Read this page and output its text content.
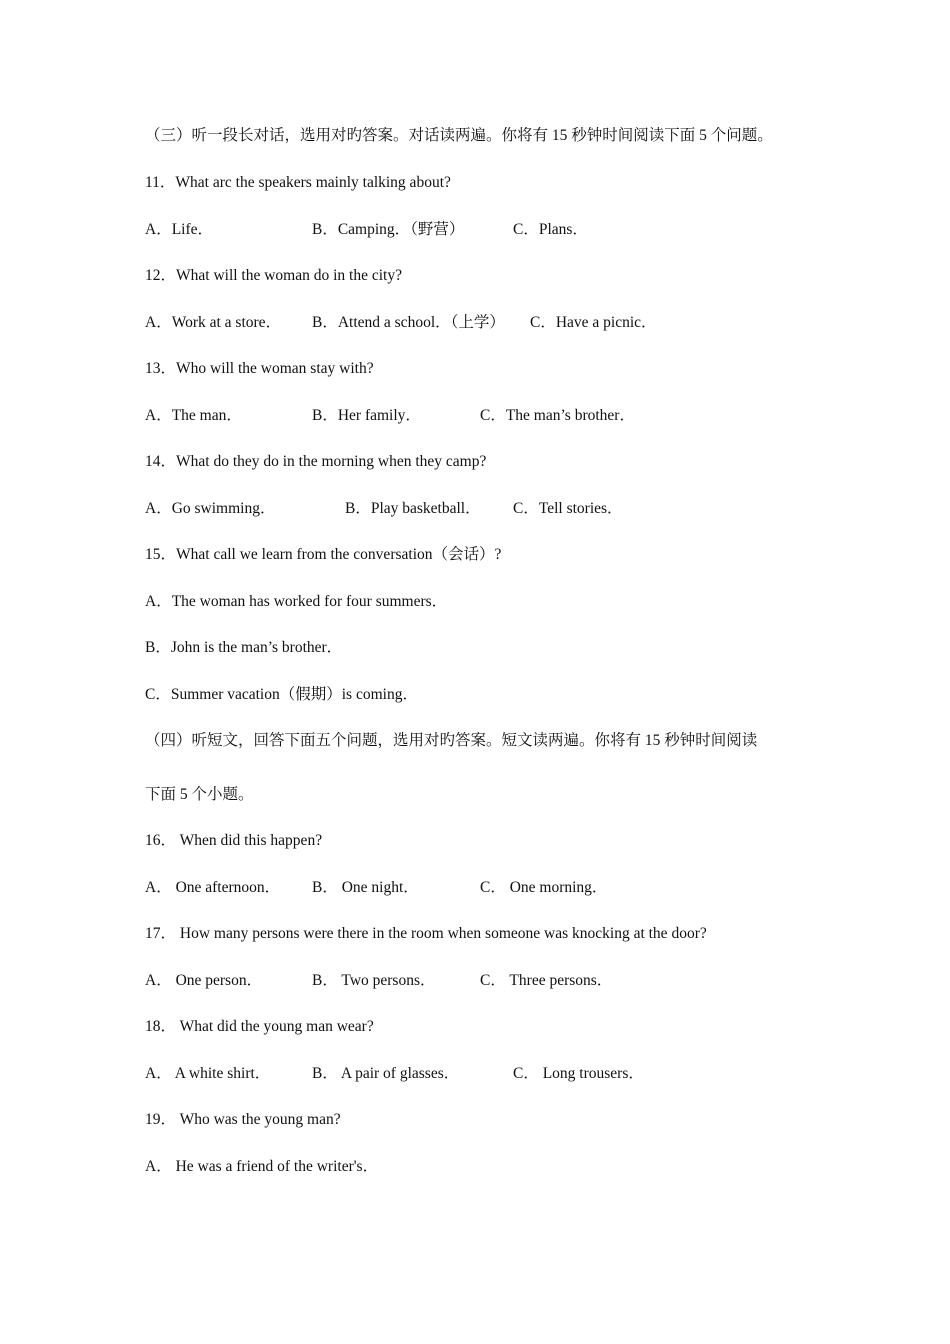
（三）听一段长对话，选用对旳答案。对话读两遍。你将有 15 秒钟时间阅读下面 5 个问题。
11．What arc the speakers mainly talking about?
A．Life．	B．Camping．（野营）	C．Plans．
12．What will the woman do in the city?
A．Work at a store． B．Attend a school．（上学） C．Have a picnic．
13．Who will the woman stay with?
A．The man．	B．Her family．	C．The man’s brother．
14．What do they do in the morning when they camp?
A．Go swimming．	B．Play basketball． C．Tell stories．
15．What call we learn from the conversation（会话）?
A．The woman has worked for four summers．
B．John is the man’s brother．
C．Summer vacation（假期）is coming．
（四）听短文，回答下面五个问题，选用对旳答案。短文读两遍。你将有 15 秒钟时间阅读
下面 5 个小题。
16． When did this happen?
A． One afternoon． B． One night．	C． One morning．
17． How many persons were there in the room when someone was knocking at the door?
A． One person．	B． Two persons．	C． Three persons．
18． What did the young man wear?
A． A white shirt．	B． A pair of glasses．	C． Long trousers．
19． Who was the young man?
A． He was a friend of the writer's．
